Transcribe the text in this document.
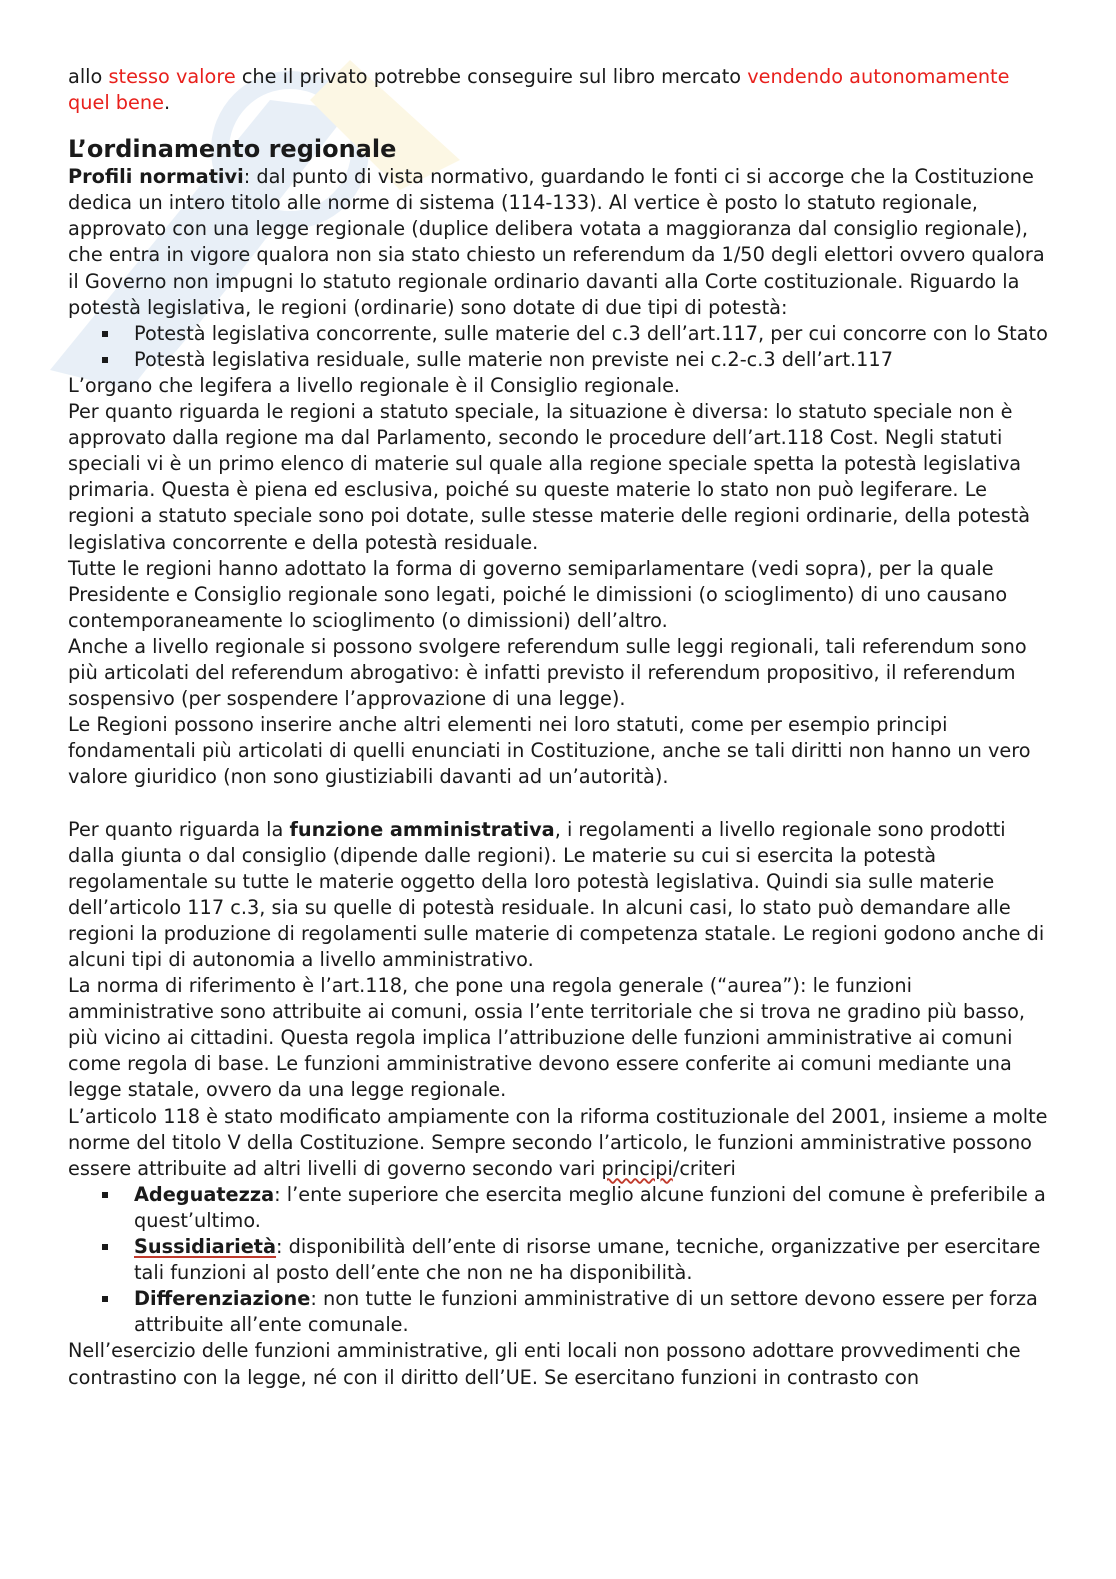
allo stesso valore che il privato potrebbe conseguire sul libro mercato vendendo autonomamente quel bene.

L’ordinamento regionale

Profili normativi: dal punto di vista normativo, guardando le fonti ci si accorge che la Costituzione dedica un intero titolo alle norme di sistema (114-133). Al vertice è posto lo statuto regionale, approvato con una legge regionale (duplice delibera votata a maggioranza dal consiglio regionale), che entra in vigore qualora non sia stato chiesto un referendum da 1/50 degli elettori ovvero qualora il Governo non impugni lo statuto regionale ordinario davanti alla Corte costituzionale. Riguardo la potestà legislativa, le regioni (ordinarie) sono dotate di due tipi di potestà:

Potestà legislativa concorrente, sulle materie del c.3 dell’art.117, per cui concorre con lo Stato
Potestà legislativa residuale, sulle materie non previste nei c.2-c.3 dell’art.117

L’organo che legifera a livello regionale è il Consiglio regionale.

Per quanto riguarda le regioni a statuto speciale, la situazione è diversa: lo statuto speciale non è approvato dalla regione ma dal Parlamento, secondo le procedure dell’art.118 Cost. Negli statuti speciali vi è un primo elenco di materie sul quale alla regione speciale spetta la potestà legislativa primaria. Questa è piena ed esclusiva, poiché su queste materie lo stato non può legiferare. Le regioni a statuto speciale sono poi dotate, sulle stesse materie delle regioni ordinarie, della potestà legislativa concorrente e della potestà residuale.

Tutte le regioni hanno adottato la forma di governo semiparlamentare (vedi sopra), per la quale Presidente e Consiglio regionale sono legati, poiché le dimissioni (o scioglimento) di uno causano contemporaneamente lo scioglimento (o dimissioni) dell’altro.

Anche a livello regionale si possono svolgere referendum sulle leggi regionali, tali referendum sono più articolati del referendum abrogativo: è infatti previsto il referendum propositivo, il referendum sospensivo (per sospendere l’approvazione di una legge).

Le Regioni possono inserire anche altri elementi nei loro statuti, come per esempio principi fondamentali più articolati di quelli enunciati in Costituzione, anche se tali diritti non hanno un vero valore giuridico (non sono giustiziabili davanti ad un’autorità).

Per quanto riguarda la funzione amministrativa, i regolamenti a livello regionale sono prodotti dalla giunta o dal consiglio (dipende dalle regioni). Le materie su cui si esercita la potestà regolamentale su tutte le materie oggetto della loro potestà legislativa. Quindi sia sulle materie dell’articolo 117 c.3, sia su quelle di potestà residuale. In alcuni casi, lo stato può demandare alle regioni la produzione di regolamenti sulle materie di competenza statale. Le regioni godono anche di alcuni tipi di autonomia a livello amministrativo.

La norma di riferimento è l’art.118, che pone una regola generale (“aurea”): le funzioni amministrative sono attribuite ai comuni, ossia l’ente territoriale che si trova ne gradino più basso, più vicino ai cittadini. Questa regola implica l’attribuzione delle funzioni amministrative ai comuni come regola di base. Le funzioni amministrative devono essere conferite ai comuni mediante una legge statale, ovvero da una legge regionale.

L’articolo 118 è stato modificato ampiamente con la riforma costituzionale del 2001, insieme a molte norme del titolo V della Costituzione. Sempre secondo l’articolo, le funzioni amministrative possono essere attribuite ad altri livelli di governo secondo vari principi/criteri

Adeguatezza: l’ente superiore che esercita meglio alcune funzioni del comune è preferibile a quest’ultimo.
Sussidiarietà: disponibilità dell’ente di risorse umane, tecniche, organizzative per esercitare tali funzioni al posto dell’ente che non ne ha disponibilità.
Differenziazione: non tutte le funzioni amministrative di un settore devono essere per forza attribuite all’ente comunale.

Nell’esercizio delle funzioni amministrative, gli enti locali non possono adottare provvedimenti che contrastino con la legge, né con il diritto dell’UE. Se esercitano funzioni in contrasto con
